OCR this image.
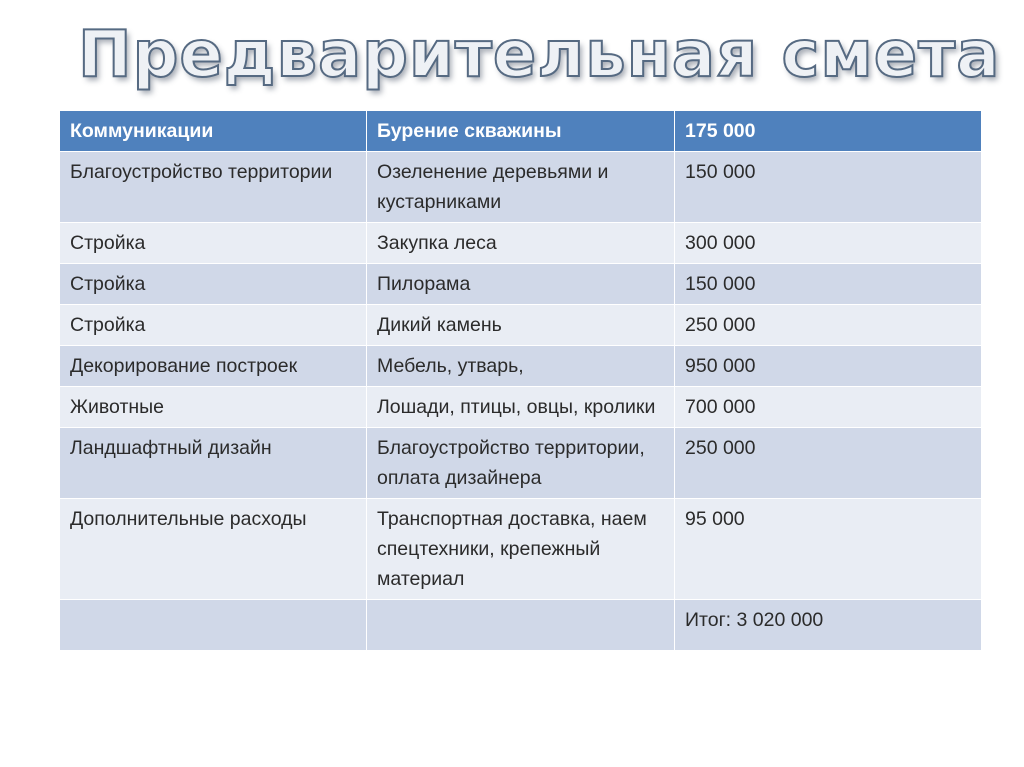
Предварительная смета
Коммуникации	Бурение скважины	175 000
Благоустройство территории	Озеленение деревьями и кустарниками	150 000
Стройка	Закупка леса	300 000
Стройка	Пилорама	150 000
Стройка	Дикий камень	250 000
Декорирование построек	Мебель, утварь,	950 000
Животные	Лошади, птицы, овцы, кролики	700 000
Ландшафтный дизайн	Благоустройство территории, оплата дизайнера	250 000
Дополнительные расходы	Транспортная доставка, наем спецтехники, крепежный материал	95 000
		Итог: 3 020 000
